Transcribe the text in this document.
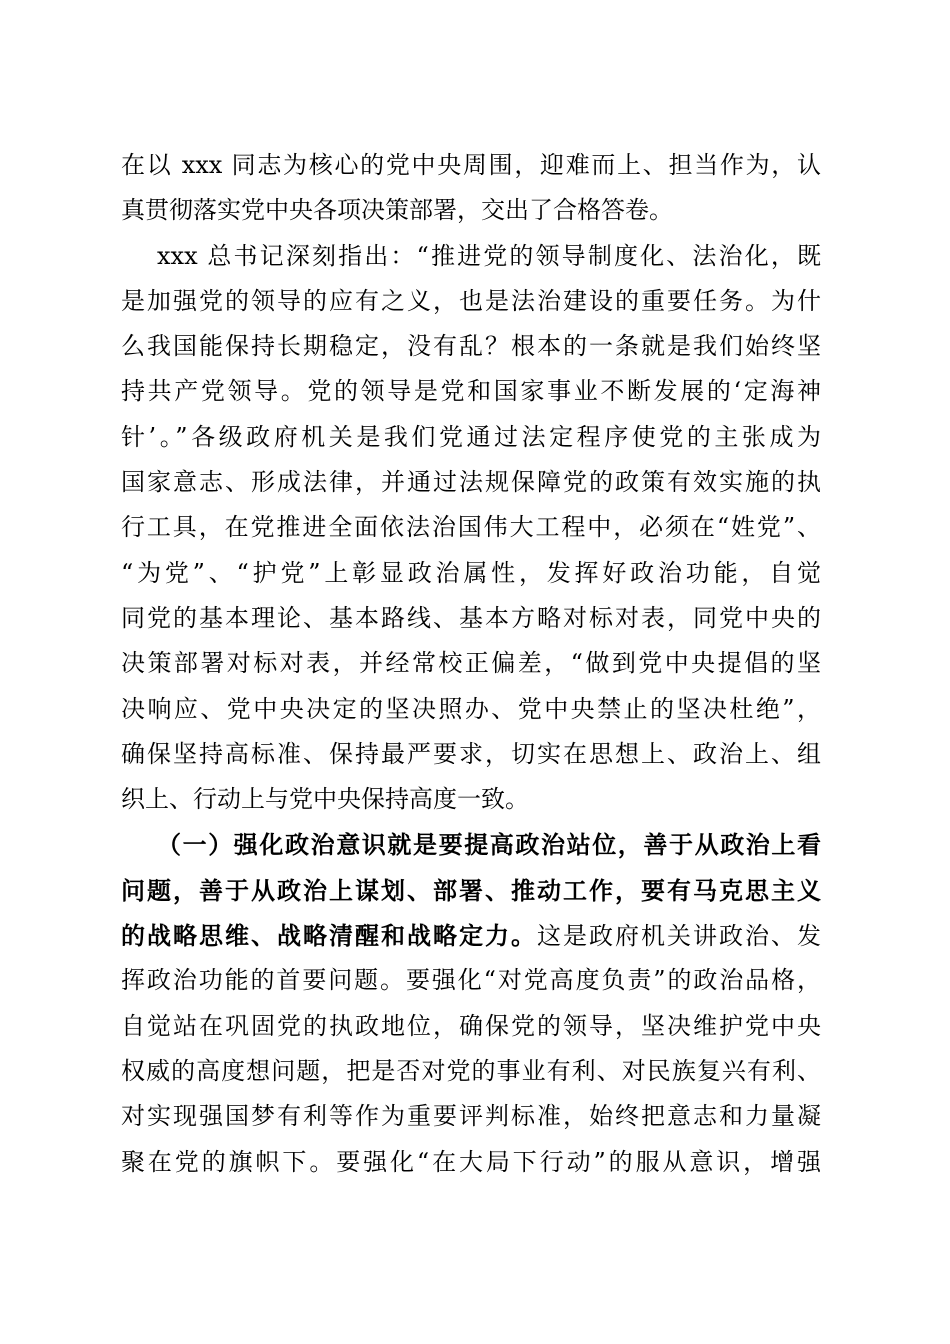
在以 xxx 同志为核心的党中央周围，迎难而上、担当作为，认
真贯彻落实党中央各项决策部署，交出了合格答卷。
xxx 总书记深刻指出：“推进党的领导制度化、法治化，既
是加强党的领导的应有之义，也是法治建设的重要任务。为什
么我国能保持长期稳定，没有乱？根本的一条就是我们始终坚
持共产党领导。党的领导是党和国家事业不断发展的‘定海神
针’。”各级政府机关是我们党通过法定程序使党的主张成为
国家意志、形成法律，并通过法规保障党的政策有效实施的执
行工具，在党推进全面依法治国伟大工程中，必须在“姓党”、
“为党”、“护党”上彰显政治属性，发挥好政治功能，自觉
同党的基本理论、基本路线、基本方略对标对表，同党中央的
决策部署对标对表，并经常校正偏差，“做到党中央提倡的坚
决响应、党中央决定的坚决照办、党中央禁止的坚决杜绝”，
确保坚持高标准、保持最严要求，切实在思想上、政治上、组
织上、行动上与党中央保持高度一致。
（一）强化政治意识就是要提高政治站位，善于从政治上看
问题，善于从政治上谋划、部署、推动工作，要有马克思主义
的战略思维、战略清醒和战略定力。这是政府机关讲政治、发
挥政治功能的首要问题。要强化“对党高度负责”的政治品格，
自觉站在巩固党的执政地位，确保党的领导，坚决维护党中央
权威的高度想问题，把是否对党的事业有利、对民族复兴有利、
对实现强国梦有利等作为重要评判标准，始终把意志和力量凝
聚在党的旗帜下。要强化“在大局下行动”的服从意识，增强
